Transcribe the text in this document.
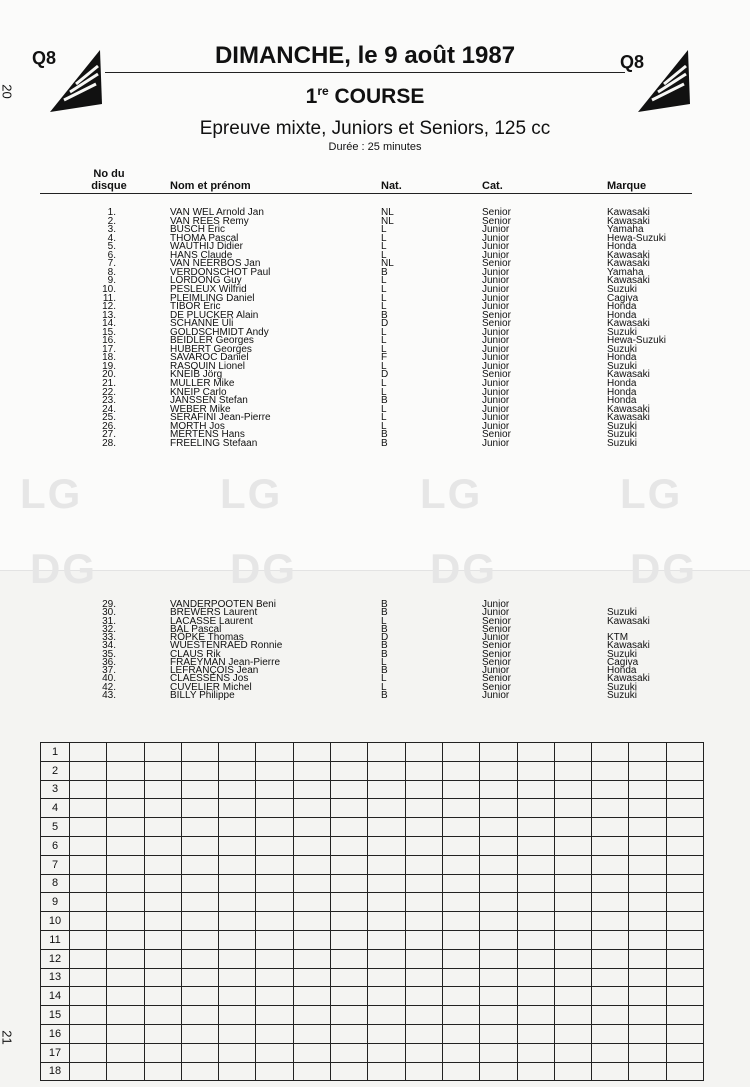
LG	LG	LG	LG
DG	DG	DG	DG
20
21
Q8	Q8
DIMANCHE, le 9 août 1987
1re COURSE
Epreuve mixte, Juniors et Seniors, 125 cc
Durée : 25 minutes
No du
disque	Nom et prénom	Nat.	Cat.	Marque
1.	VAN WEL Arnold Jan	NL	Senior	Kawasaki
2.	VAN REES Remy	NL	Senior	Kawasaki
3.	BUSCH Eric	L	Junior	Yamaha
4.	THOMA Pascal	L	Junior	Hewa-Suzuki
5.	WAUTHIJ Didier	L	Junior	Honda
6.	HANS Claude	L	Junior	Kawasaki
7.	VAN NEERBOS Jan	NL	Senior	Kawasaki
8.	VERDONSCHOT Paul	B	Junior	Yamaha
9.	LORDONG Guy	L	Junior	Kawasaki
10.	PESLEUX Wilfrid	L	Junior	Suzuki
11.	PLEIMLING Daniel	L	Junior	Cagiva
12.	TIBOR Eric	L	Junior	Honda
13.	DE PLUCKER Alain	B	Senior	Honda
14.	SCHANNE Uli	D	Senior	Kawasaki
15.	GOLDSCHMIDT Andy	L	Junior	Suzuki
16.	BEIDLER Georges	L	Junior	Hewa-Suzuki
17.	HUBERT Georges	L	Junior	Suzuki
18.	SAVAROC Daniel	F	Junior	Honda
19.	RASQUIN Lionel	L	Junior	Suzuki
20.	KNEIB Jörg	D	Senior	Kawasaki
21.	MULLER Mike	L	Junior	Honda
22.	KNEIP Carlo	L	Junior	Honda
23.	JANSSEN Stefan	B	Junior	Honda
24.	WEBER Mike	L	Junior	Kawasaki
25.	SERAFINI Jean-Pierre	L	Junior	Kawasaki
26.	MORTH Jos	L	Junior	Suzuki
27.	MERTENS Hans	B	Senior	Suzuki
28.	FREELING Stefaan	B	Junior	Suzuki
29.	VANDERPOOTEN Beni	B	Junior
30.	BREWERS Laurent	B	Junior	Suzuki
31.	LACASSE Laurent	L	Senior	Kawasaki
32.	BAL Pascal	B	Senior
33.	RÖPKE Thomas	D	Junior	KTM
34.	WUESTENRAED Ronnie	B	Senior	Kawasaki
35.	CLAUS Rik	B	Senior	Suzuki
36.	FRAEYMAN Jean-Pierre	L	Senior	Cagiva
37.	LEFRANÇOIS Jean	B	Junior	Honda
40.	CLAESSENS Jos	L	Senior	Kawasaki
42.	CUVELIER Michel	L	Senior	Suzuki
43.	BILLY Philippe	B	Junior	Suzuki
1																	
2																	
3																	
4																	
5																	
6																	
7																	
8																	
9																	
10																	
11																	
12																	
13																	
14																	
15																	
16																	
17																	
18																	
